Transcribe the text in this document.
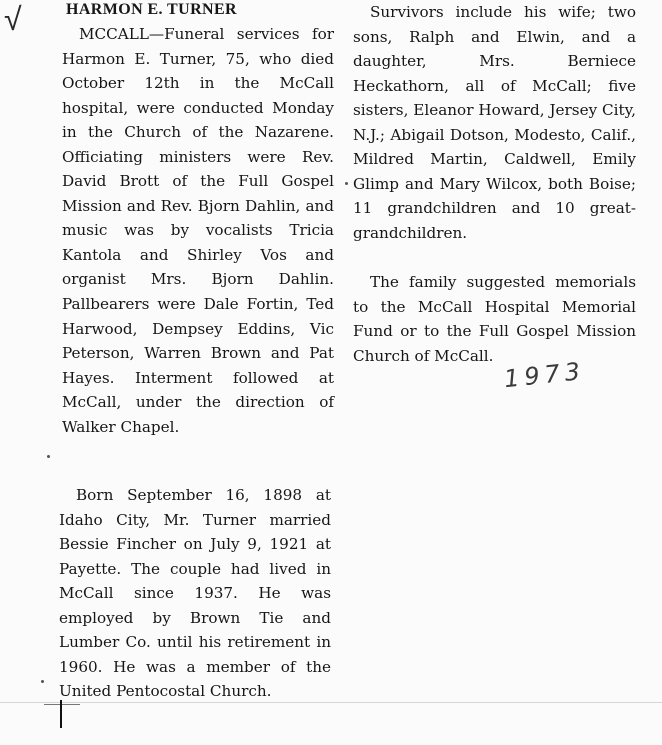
√	HARMON E. TURNER

MCCALL—Funeral services for Harmon E. Turner, 75, who died October 12th in the McCall hospital, were conducted Monday in the Church of the Nazarene. Officiating ministers were Rev. David Brott of the Full Gospel Mission and Rev. Bjorn Dahlin, and music was by vocalists Tricia Kantola and Shirley Vos and organist Mrs. Bjorn Dahlin. Pallbearers were Dale Fortin, Ted Harwood, Dempsey Eddins, Vic Peterson, Warren Brown and Pat Hayes. Interment followed at McCall, under the direction of Walker Chapel.

Born September 16, 1898 at Idaho City, Mr. Turner married Bessie Fincher on July 9, 1921 at Payette. The couple had lived in McCall since 1937. He was employed by Brown Tie and Lumber Co. until his retirement in 1960. He was a member of the United Pentocostal Church.

Survivors include his wife; two sons, Ralph and Elwin, and a daughter, Mrs. Berniece Heckathorn, all of McCall; five sisters, Eleanor Howard, Jersey City, N.J.; Abigail Dotson, Modesto, Calif., Mildred Martin, Caldwell, Emily Glimp and Mary Wilcox, both Boise; 11 grandchildren and 10 great-grandchildren.

The family suggested memorials to the McCall Hospital Memorial Fund or to the Full Gospel Mission Church of McCall.

1973
